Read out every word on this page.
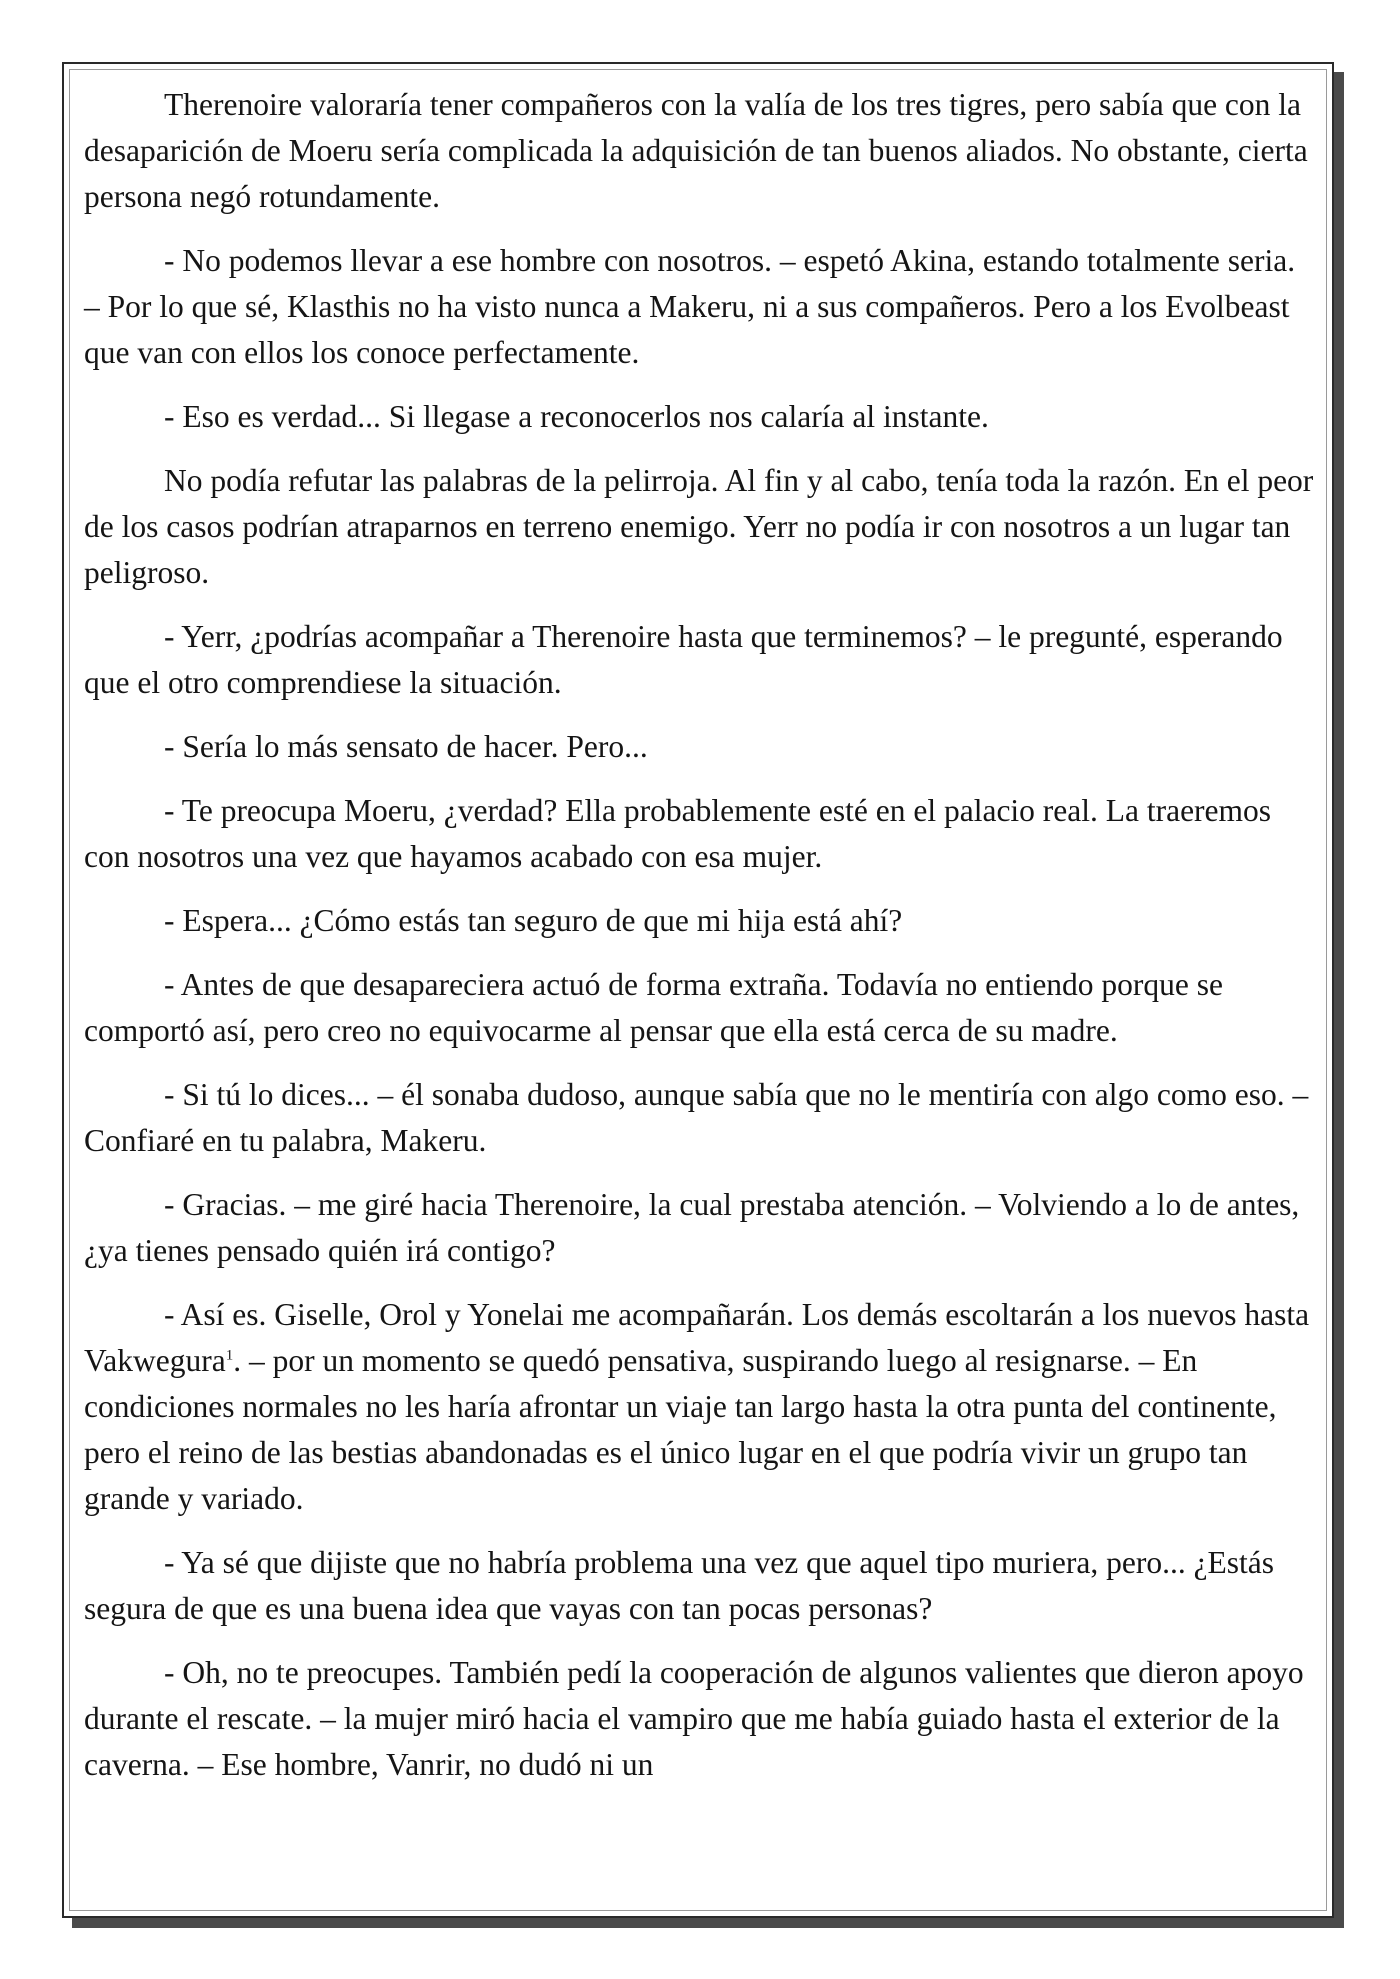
Therenoire valoraría tener compañeros con la valía de los tres tigres, pero sabía que con la desaparición de Moeru sería complicada la adquisición de tan buenos aliados. No obstante, cierta persona negó rotundamente.

- No podemos llevar a ese hombre con nosotros. – espetó Akina, estando totalmente seria. – Por lo que sé, Klasthis no ha visto nunca a Makeru, ni a sus compañeros. Pero a los Evolbeast que van con ellos los conoce perfectamente.

- Eso es verdad... Si llegase a reconocerlos nos calaría al instante.

No podía refutar las palabras de la pelirroja. Al fin y al cabo, tenía toda la razón. En el peor de los casos podrían atraparnos en terreno enemigo. Yerr no podía ir con nosotros a un lugar tan peligroso.

- Yerr, ¿podrías acompañar a Therenoire hasta que terminemos? – le pregunté, esperando que el otro comprendiese la situación.

- Sería lo más sensato de hacer. Pero...

- Te preocupa Moeru, ¿verdad? Ella probablemente esté en el palacio real. La traeremos con nosotros una vez que hayamos acabado con esa mujer.

- Espera... ¿Cómo estás tan seguro de que mi hija está ahí?

- Antes de que desapareciera actuó de forma extraña. Todavía no entiendo porque se comportó así, pero creo no equivocarme al pensar que ella está cerca de su madre.

- Si tú lo dices... – él sonaba dudoso, aunque sabía que no le mentiría con algo como eso. – Confiaré en tu palabra, Makeru.

- Gracias. – me giré hacia Therenoire, la cual prestaba atención. – Volviendo a lo de antes, ¿ya tienes pensado quién irá contigo?

- Así es. Giselle, Orol y Yonelai me acompañarán. Los demás escoltarán a los nuevos hasta Vakwegura$^1$. – por un momento se quedó pensativa, suspirando luego al resignarse. – En condiciones normales no les haría afrontar un viaje tan largo hasta la otra punta del continente, pero el reino de las bestias abandonadas es el único lugar en el que podría vivir un grupo tan grande y variado.

- Ya sé que dijiste que no habría problema una vez que aquel tipo muriera, pero... ¿Estás segura de que es una buena idea que vayas con tan pocas personas?

- Oh, no te preocupes. También pedí la cooperación de algunos valientes que dieron apoyo durante el rescate. – la mujer miró hacia el vampiro que me había guiado hasta el exterior de la caverna. – Ese hombre, Vanrir, no dudó ni un
